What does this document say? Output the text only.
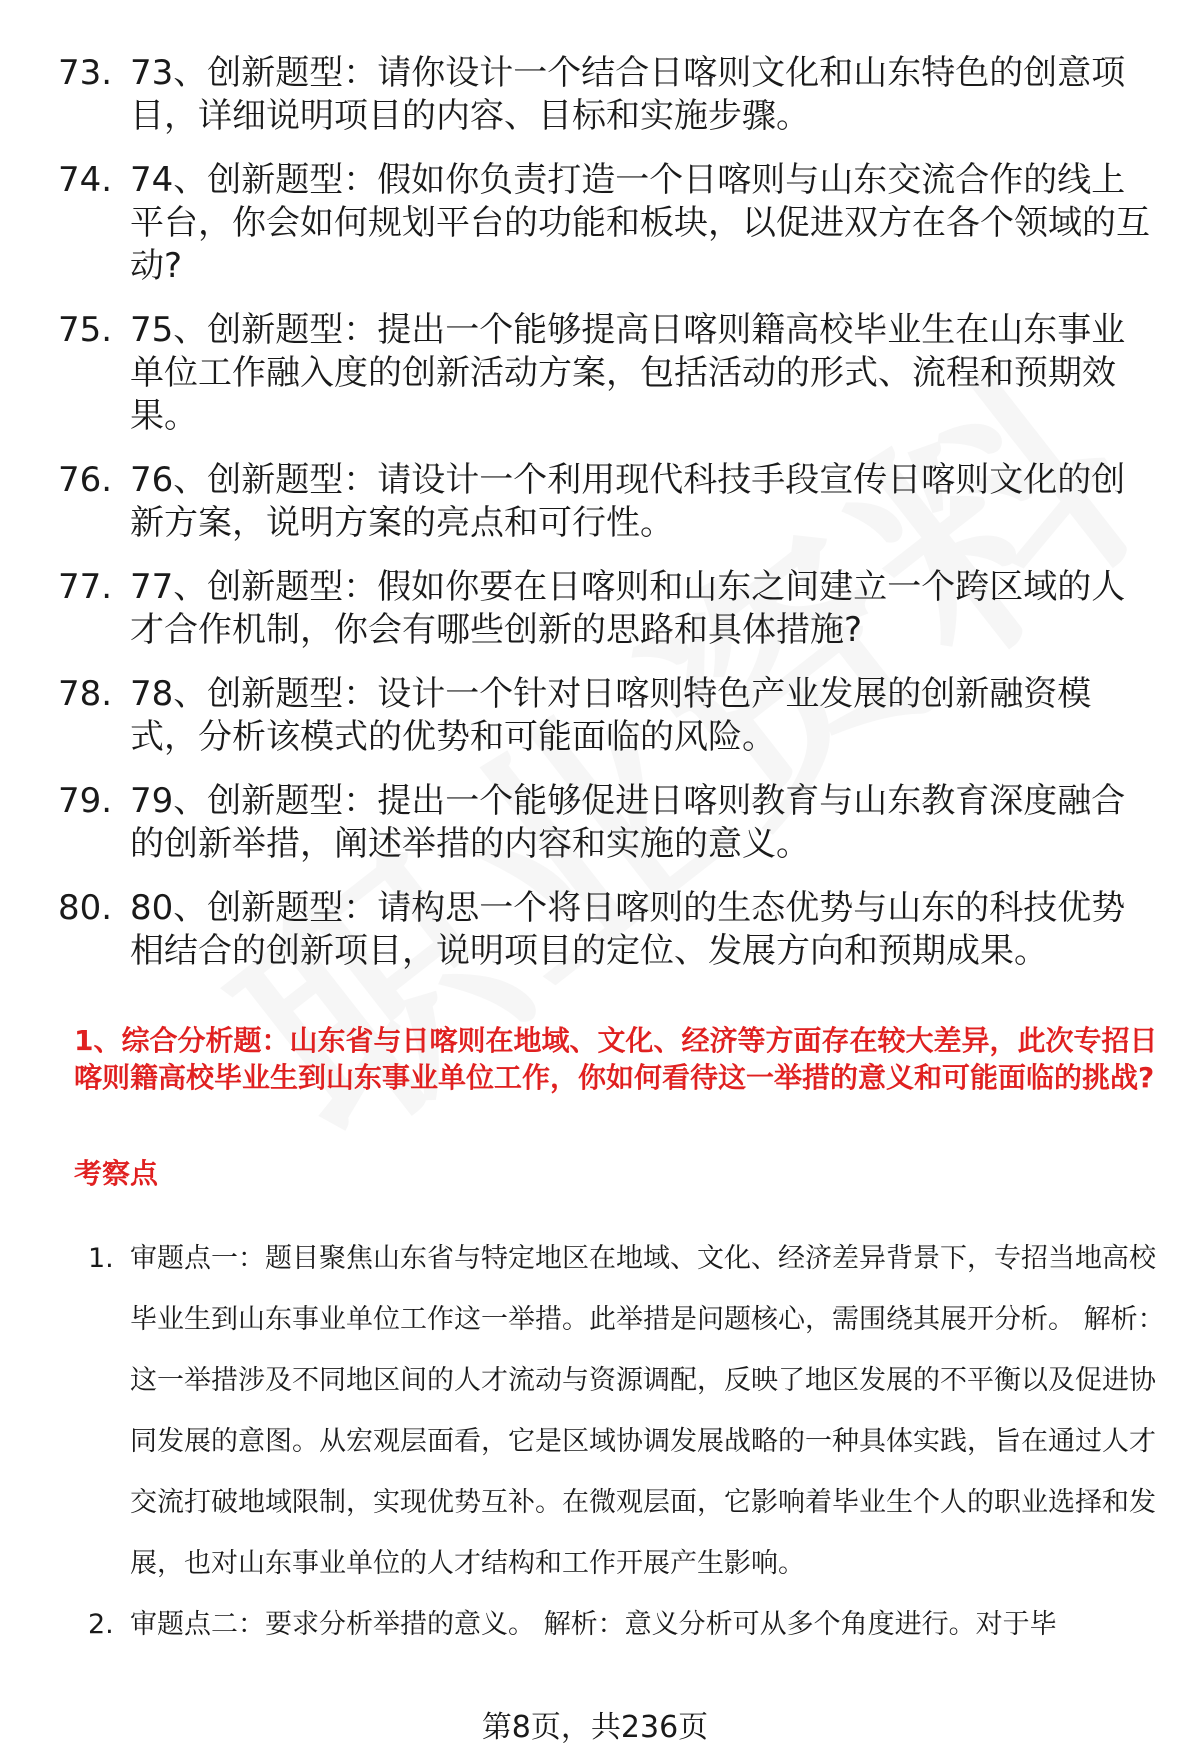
73. 73、创新题型：请你设计一个结合日喀则文化和山东特色的创意项目，详细说明项目的内容、目标和实施步骤。
74. 74、创新题型：假如你负责打造一个日喀则与山东交流合作的线上平台，你会如何规划平台的功能和板块，以促进双方在各个领域的互动?
75. 75、创新题型：提出一个能够提高日喀则籍高校毕业生在山东事业单位工作融入度的创新活动方案，包括活动的形式、流程和预期效果。
76. 76、创新题型：请设计一个利用现代科技手段宣传日喀则文化的创新方案，说明方案的亮点和可行性。
77. 77、创新题型：假如你要在日喀则和山东之间建立一个跨区域的人才合作机制，你会有哪些创新的思路和具体措施?
78. 78、创新题型：设计一个针对日喀则特色产业发展的创新融资模式，分析该模式的优势和可能面临的风险。
79. 79、创新题型：提出一个能够促进日喀则教育与山东教育深度融合的创新举措，阐述举措的内容和实施的意义。
80. 80、创新题型：请构思一个将日喀则的生态优势与山东的科技优势相结合的创新项目，说明项目的定位、发展方向和预期成果。
1、综合分析题：山东省与日喀则在地域、文化、经济等方面存在较大差异，此次专招日喀则籍高校毕业生到山东事业单位工作，你如何看待这一举措的意义和可能面临的挑战?
考察点
1. 审题点一：题目聚焦山东省与特定地区在地域、文化、经济差异背景下，专招当地高校毕业生到山东事业单位工作这一举措。此举措是问题核心，需围绕其展开分析。 解析：这一举措涉及不同地区间的人才流动与资源调配，反映了地区发展的不平衡以及促进协同发展的意图。从宏观层面看，它是区域协调发展战略的一种具体实践，旨在通过人才交流打破地域限制，实现优势互补。在微观层面，它影响着毕业生个人的职业选择和发展，也对山东事业单位的人才结构和工作开展产生影响。
2. 审题点二：要求分析举措的意义。 解析：意义分析可从多个角度进行。对于毕
第8页，共236页
